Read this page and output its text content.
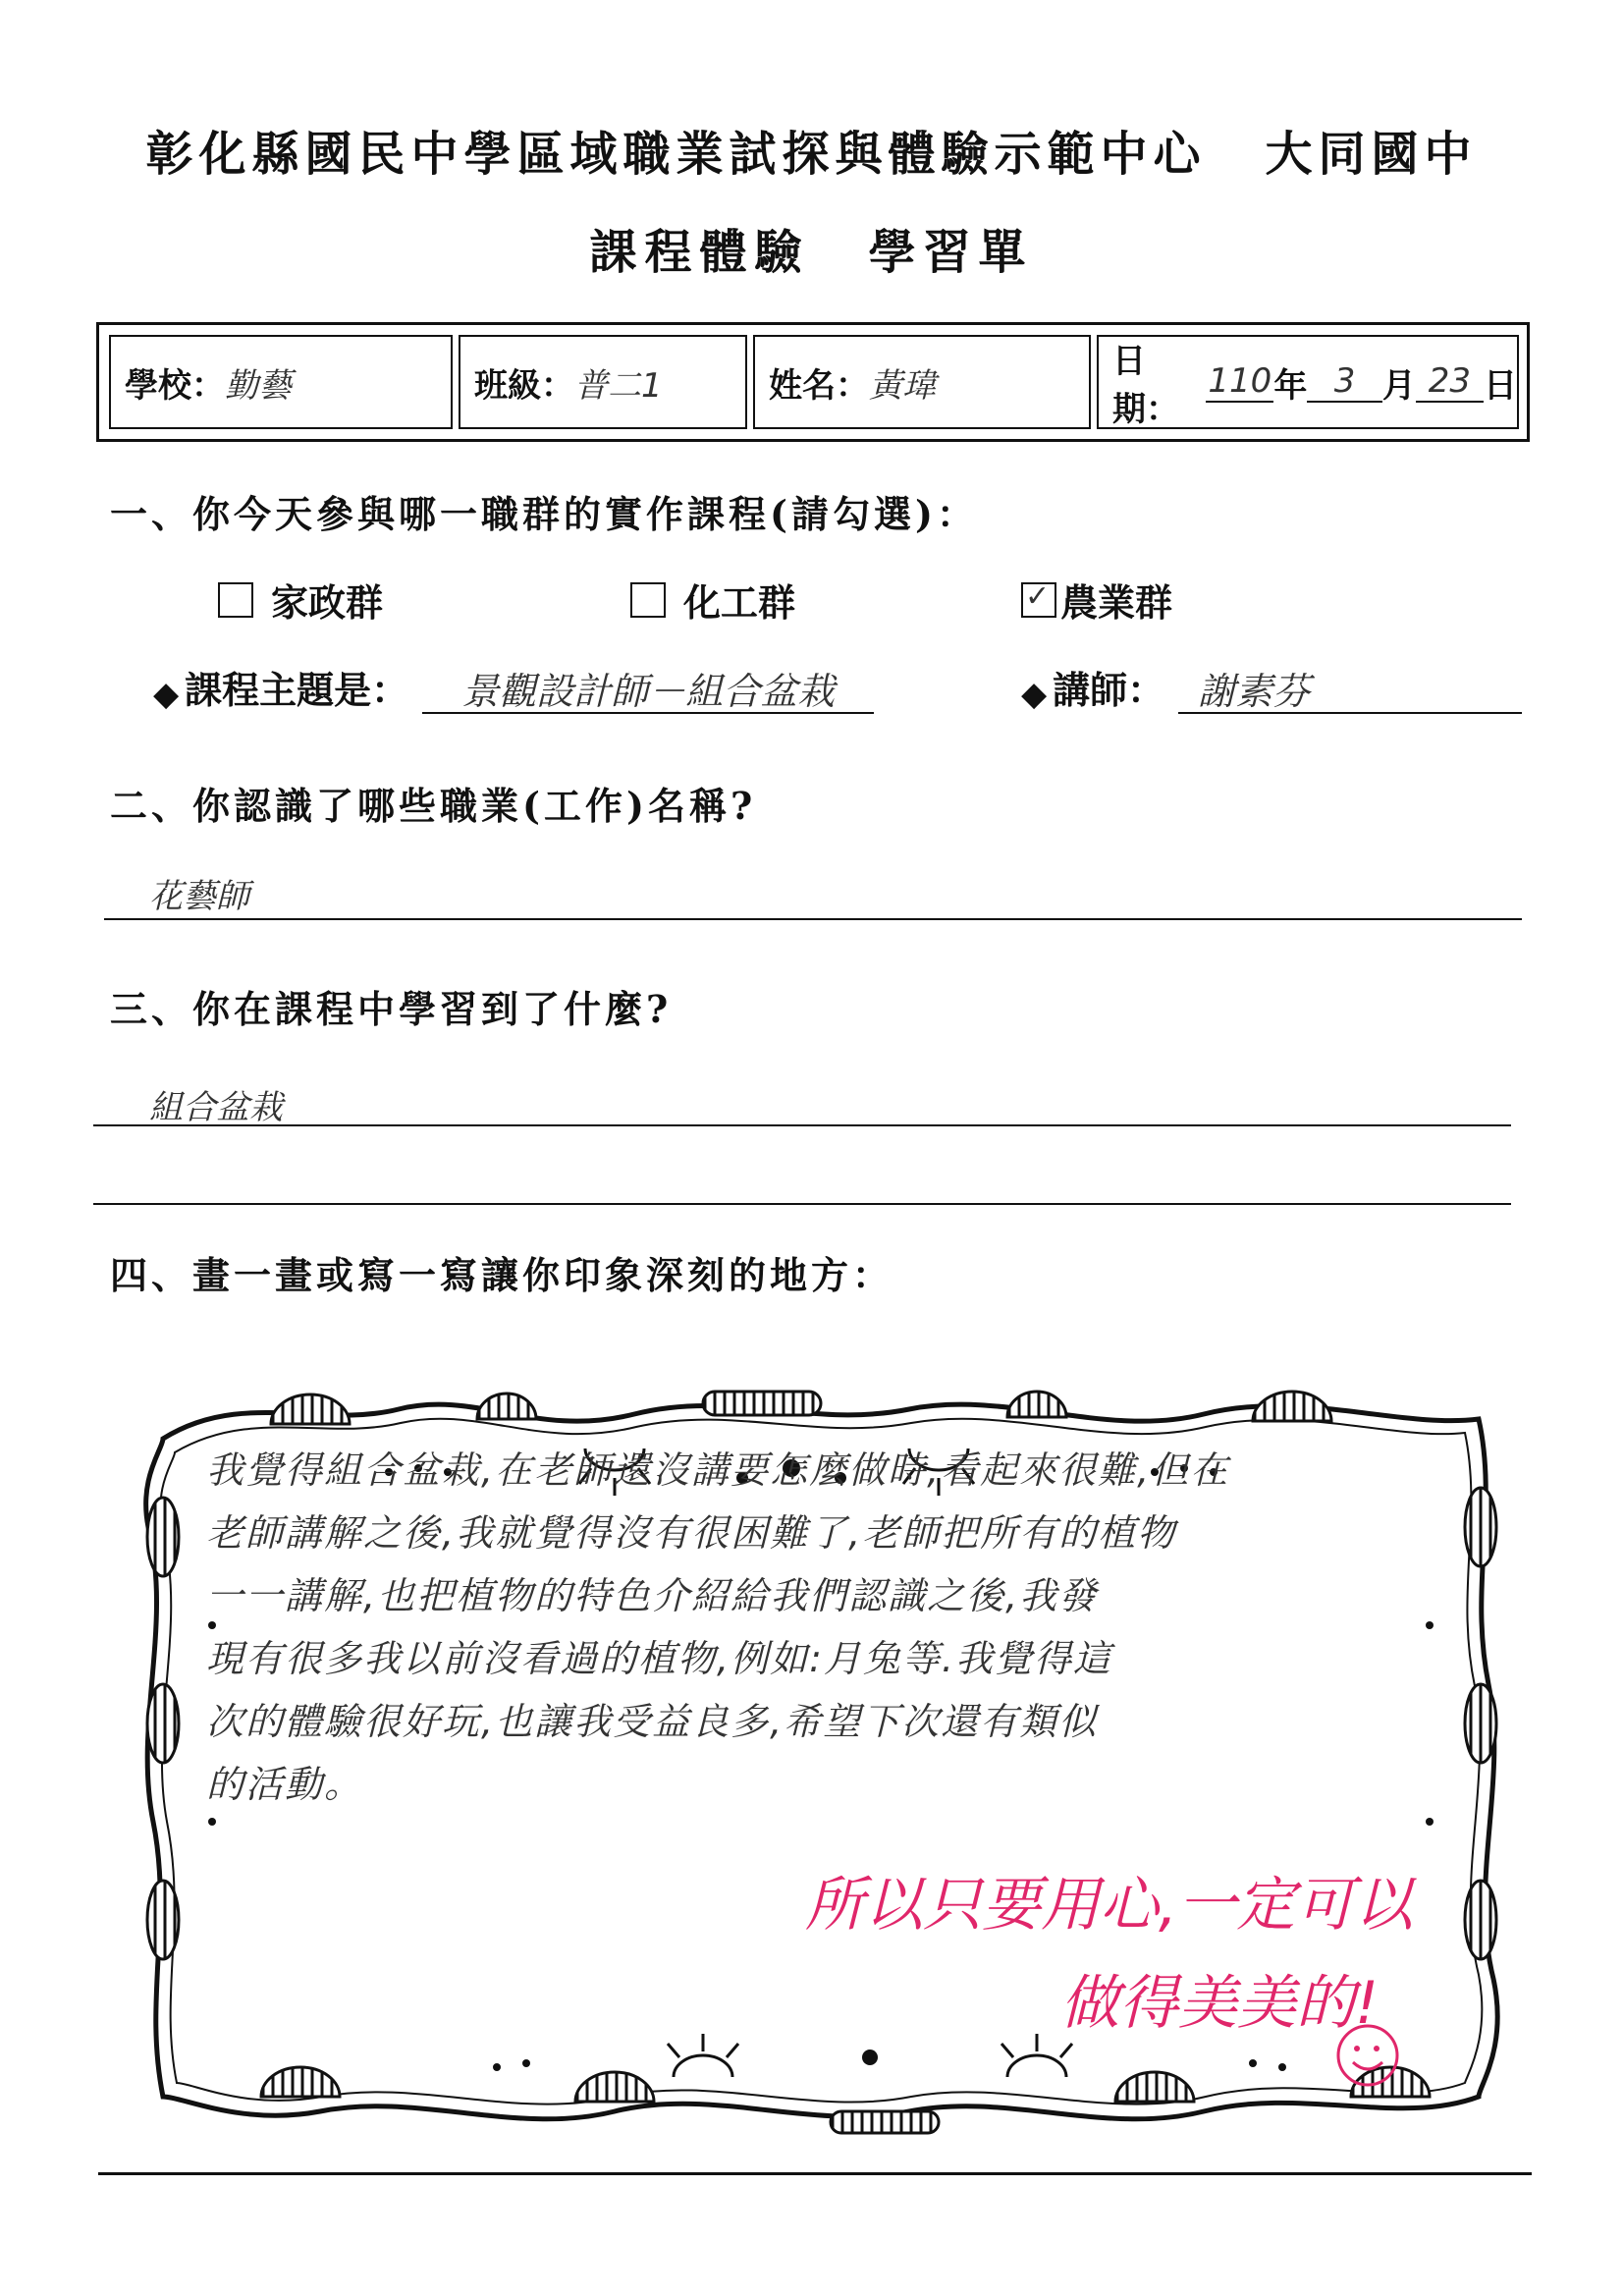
彰化縣國民中學區域職業試探與體驗示範中心 大同國中
課程體驗 學習單
學校： 勤藝	班級： 普二1	姓名： 黃瑋
日期：
110 年 3 月 23 日
一、你今天參與哪一職群的實作課程(請勾選)：
家政群	化工群	✓ 農業群
◆ 課程主題是：	景觀設計師－組合盆栽	◆ 講師： 謝素芬
二、你認識了哪些職業(工作)名稱?
花藝師
三、你在課程中學習到了什麼?
組合盆栽
四、畫一畫或寫一寫讓你印象深刻的地方：
我覺得組合盆栽,在老師還沒講要怎麼做時,看起來很難,但在
老師講解之後,我就覺得沒有很困難了,老師把所有的植物
一一講解,也把植物的特色介紹給我們認識之後,我發
現有很多我以前沒看過的植物,例如:月兔等.我覺得這
次的體驗很好玩,也讓我受益良多,希望下次還有類似
的活動。
所以只要用心,一定可以
做得美美的!
